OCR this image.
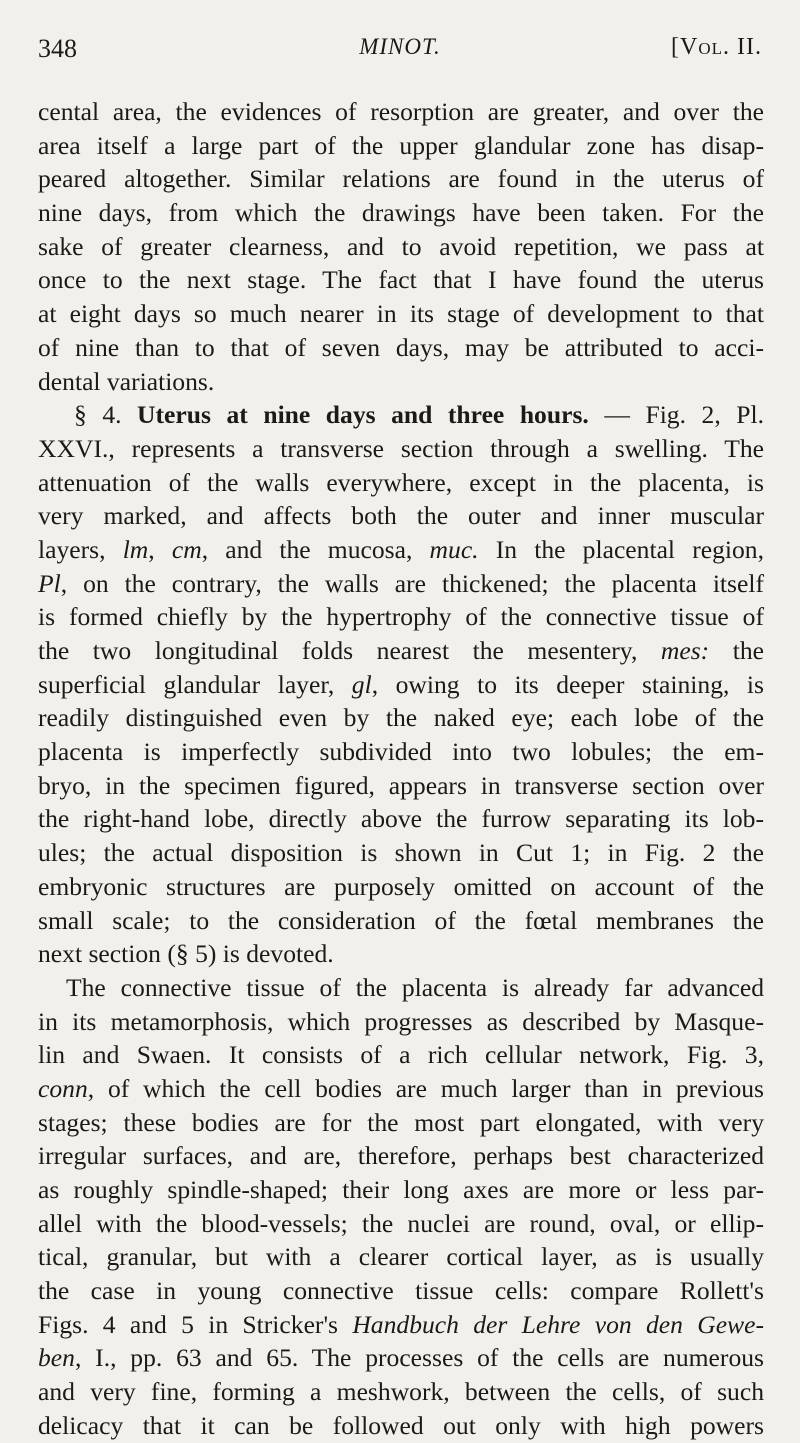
348	MINOT.	[Vol. II.
cental area, the evidences of resorption are greater, and over the
area itself a large part of the upper glandular zone has disap-
peared altogether. Similar relations are found in the uterus of
nine days, from which the drawings have been taken. For the
sake of greater clearness, and to avoid repetition, we pass at
once to the next stage. The fact that I have found the uterus
at eight days so much nearer in its stage of development to that
of nine than to that of seven days, may be attributed to acci-
dental variations.
§ 4. Uterus at nine days and three hours. — Fig. 2, Pl.
XXVI., represents a transverse section through a swelling. The
attenuation of the walls everywhere, except in the placenta, is
very marked, and affects both the outer and inner muscular
layers, lm, cm, and the mucosa, muc. In the placental region,
Pl, on the contrary, the walls are thickened; the placenta itself
is formed chiefly by the hypertrophy of the connective tissue of
the two longitudinal folds nearest the mesentery, mes: the
superficial glandular layer, gl, owing to its deeper staining, is
readily distinguished even by the naked eye; each lobe of the
placenta is imperfectly subdivided into two lobules; the em-
bryo, in the specimen figured, appears in transverse section over
the right-hand lobe, directly above the furrow separating its lob-
ules; the actual disposition is shown in Cut 1; in Fig. 2 the
embryonic structures are purposely omitted on account of the
small scale; to the consideration of the fœtal membranes the
next section (§ 5) is devoted.
The connective tissue of the placenta is already far advanced
in its metamorphosis, which progresses as described by Masque-
lin and Swaen. It consists of a rich cellular network, Fig. 3,
conn, of which the cell bodies are much larger than in previous
stages; these bodies are for the most part elongated, with very
irregular surfaces, and are, therefore, perhaps best characterized
as roughly spindle-shaped; their long axes are more or less par-
allel with the blood-vessels; the nuclei are round, oval, or ellip-
tical, granular, but with a clearer cortical layer, as is usually
the case in young connective tissue cells: compare Rollett's
Figs. 4 and 5 in Stricker's Handbuch der Lehre von den Gewe-
ben, I., pp. 63 and 65. The processes of the cells are numerous
and very fine, forming a meshwork, between the cells, of such
delicacy that it can be followed out only with high powers
